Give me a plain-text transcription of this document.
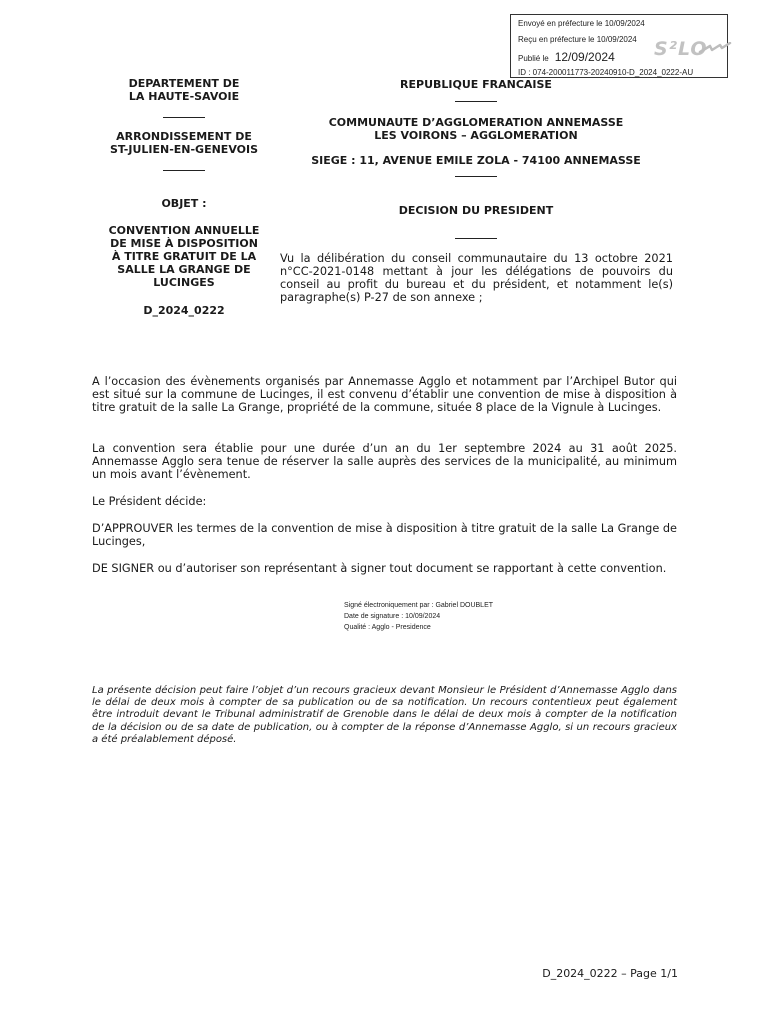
DEPARTEMENT DE
LA HAUTE-SAVOIE
ARRONDISSEMENT DE
ST-JULIEN-EN-GENEVOIS
OBJET :
CONVENTION ANNUELLE
DE MISE À DISPOSITION
À TITRE GRATUIT DE LA
SALLE LA GRANGE DE
LUCINGES
D_2024_0222
REPUBLIQUE FRANCAISE
COMMUNAUTE D’AGGLOMERATION ANNEMASSE
LES VOIRONS – AGGLOMERATION
SIEGE : 11, AVENUE EMILE ZOLA - 74100 ANNEMASSE
DECISION DU PRESIDENT
Vu la délibération du conseil communautaire du 13 octobre 2021 n°CC-2021-0148 mettant à jour les délégations de pouvoirs du conseil au profit du bureau et du président, et notamment le(s) paragraphe(s) P-27 de son annexe ;
Envoyé en préfecture le 10/09/2024
Reçu en préfecture le 10/09/2024
Publié le 12/09/2024
ID : 074-200011773-20240910-D_2024_0222-AU
S²LO
A l’occasion des évènements organisés par Annemasse Agglo et notamment par l’Archipel Butor qui est situé sur la commune de Lucinges, il est convenu d’établir une convention de mise à disposition à titre gratuit de la salle La Grange, propriété de la commune, située 8 place de la Vignule à Lucinges.
La convention sera établie pour une durée d’un an du 1er septembre 2024 au 31 août 2025. Annemasse Agglo sera tenue de réserver la salle auprès des services de la municipalité, au minimum un mois avant l’évènement.
Le Président décide:
D’APPROUVER les termes de la convention de mise à disposition à titre gratuit de la salle La Grange de Lucinges,
DE SIGNER ou d’autoriser son représentant à signer tout document se rapportant à cette convention.
Signé électroniquement par : Gabriel DOUBLET
Date de signature : 10/09/2024
Qualité : Agglo - Presidence
La présente décision peut faire l’objet d’un recours gracieux devant Monsieur le Président d’Annemasse Agglo dans le délai de deux mois à compter de sa publication ou de sa notification. Un recours contentieux peut également être introduit devant le Tribunal administratif de Grenoble dans le délai de deux mois à compter de la notification de la décision ou de sa date de publication, ou à compter de la réponse d’Annemasse Agglo, si un recours gracieux a été préalablement déposé.
D_2024_0222 – Page 1/1
